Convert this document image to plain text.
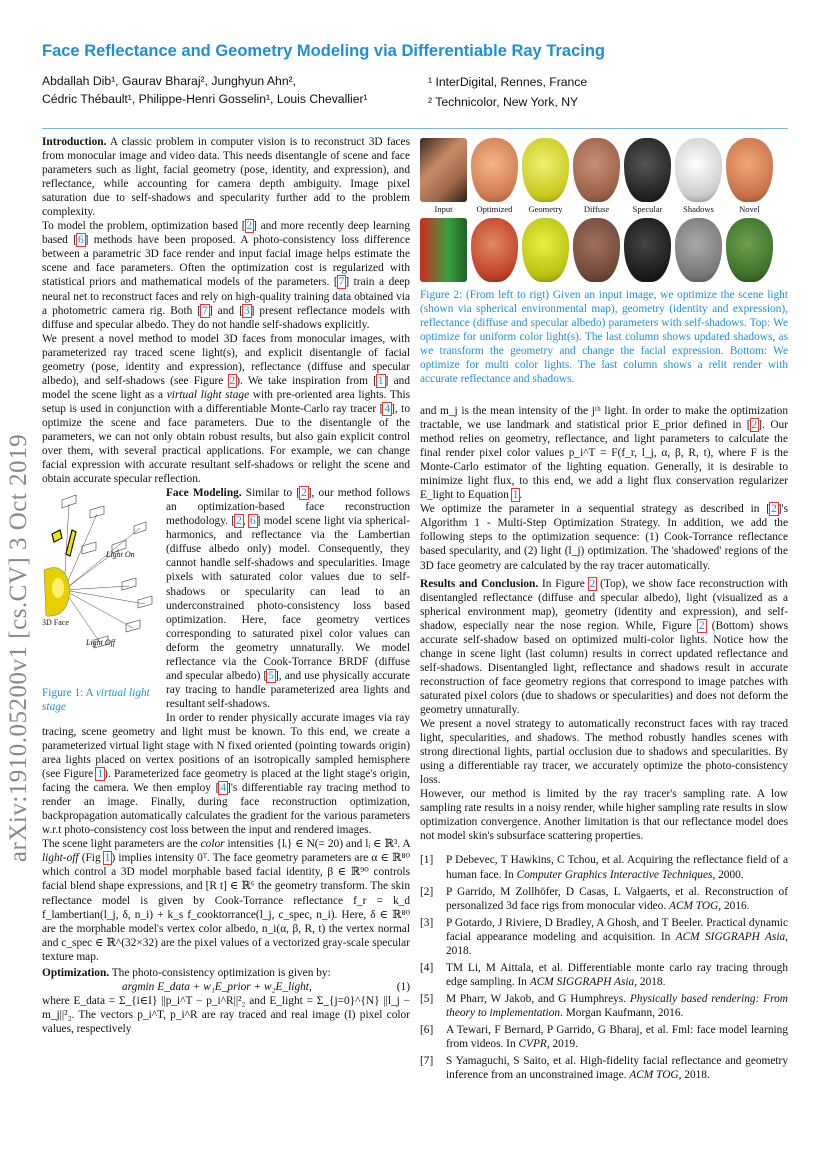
Face Reflectance and Geometry Modeling via Differentiable Ray Tracing
Abdallah Dib¹, Gaurav Bharaj², Junghyun Ahn²,
Cédric Thébault¹, Philippe-Henri Gosselin¹, Louis Chevallier¹
¹ InterDigital, Rennes, France
² Technicolor, New York, NY
arXiv:1910.05200v1 [cs.CV] 3 Oct 2019

Introduction. A classic problem in computer vision is to reconstruct 3D faces from monocular image and video data. This needs disentangle of scene and face parameters such as light, facial geometry (pose, identity, and expression), and reflectance, while accounting for camera depth ambiguity. Image pixel saturation due to self-shadows and specularity further add to the problem complexity.

To model the problem, optimization based [2] and more recently deep learning based [6] methods have been proposed. A photo-consistency loss difference between a parametric 3D face render and input facial image helps estimate the scene and face parameters. Often the optimization cost is regularized with statistical priors and mathematical models of the parameters. [7] train a deep neural net to reconstruct faces and rely on high-quality training data obtained via a photometric camera rig. Both [7] and [3] present reflectance models with diffuse and specular albedo. They do not handle self-shadows explicitly.

We present a novel method to model 3D faces from monocular images, with parameterized ray traced scene light(s), and explicit disentangle of facial geometry (pose, identity and expression), reflectance (diffuse and specular albedo), and self-shadows (see Figure 2). We take inspiration from [1] and model the scene light as a virtual light stage with pre-oriented area lights. This setup is used in conjunction with a differentiable Monte-Carlo ray tracer [4], to optimize the scene and face parameters. Due to the disentangle of the parameters, we can not only obtain robust results, but also gain explicit control over them, with several practical applications. For example, we can change facial expression with accurate resultant self-shadows or relight the scene and obtain accurate specular reflection.

Light On
3D Face
Light Off
Figure 1: A virtual light stage

Face Modeling. Similar to [2], our method follows an optimization-based face reconstruction methodology. [2, 6] model scene light via spherical-harmonics, and reflectance via the Lambertian (diffuse albedo only) model. Consequently, they cannot handle self-shadows and specularities. Image pixels with saturated color values due to self-shadows or specularity can lead to an underconstrained photo-consistency loss based optimization. Here, face geometry vertices corresponding to saturated pixel color values can deform the geometry unnaturally. We model reflectance via the Cook-Torrance BRDF (diffuse and specular albedo) [5], and use physically accurate ray tracing to handle parameterized area lights and resultant self-shadows.

In order to render physically accurate images via ray tracing, scene geometry and light must be known. To this end, we create a parameterized virtual light stage with N fixed oriented (pointing towards origin) area lights placed on vertex positions of an isotropically sampled hemisphere (see Figure 1). Parameterized face geometry is placed at the light stage's origin, facing the camera. We then employ [4]'s differentiable ray tracing method to render an image. Finally, during face reconstruction optimization, backpropagation automatically calculates the gradient for the various parameters w.r.t photo-consistency cost loss between the input and rendered images.

The scene light parameters are the color intensities {lᵢ} ∈ N(= 20) and lᵢ ∈ ℝ³. A light-off (Fig 1) implies intensity 0ᵀ. The face geometry parameters are α ∈ ℝ⁸⁰ which control a 3D model morphable based facial identity, β ∈ ℝ⁹⁰ controls facial blend shape expressions, and [R t] ∈ ℝ⁶ the geometry transform. The skin reflectance model is given by Cook-Torrance reflectance f_r = k_d f_lambertian(l_j, δ, n_i) + k_s f_cooktorrance(l_j, c_spec, n_i). Here, δ ∈ ℝ⁸⁰ are the morphable model's vertex color albedo, n_i(α, β, R, t) the vertex normal and c_spec ∈ ℝ^(32×32) are the pixel values of a vectorized gray-scale specular texture map.

Optimization. The photo-consistency optimization is given by:

argmin E_data + w₁E_prior + w₂E_light,	(1)

where E_data = Σ_{i∈I} ||p_i^T − p_i^R||²₂ and E_light = Σ_{j=0}^{N} ||l_j − m_j||²₂. The vectors p_i^T, p_i^R are ray traced and real image (I) pixel color values, respectively

Input	Optimized	Geometry	Diffuse	Specular	Shadows	Novel
Figure 2: (From left to rigt) Given an input image, we optimize the scene light (shown via spherical environmental map), geometry (identity and expression), reflectance (diffuse and specular albedo) parameters with self-shadows. Top: We optimize for uniform color light(s). The last column shows updated shadows, as we transform the geometry and change the facial expression. Bottom: We optimize for multi color lights. The last column shows a relit render with accurate reflectance and shadows.

and m_j is the mean intensity of the jᵗʰ light. In order to make the optimization tractable, we use landmark and statistical prior E_prior defined in [2]. Our method relies on geometry, reflectance, and light parameters to calculate the final render pixel color values p_i^T = F(f_r, l_j, α, β, R, t), where F is the Monte-Carlo estimator of the lighting equation. Generally, it is desirable to minimize light flux, to this end, we add a light flux conservation regularizer E_light to Equation 1.

We optimize the parameter in a sequential strategy as described in [2]'s Algorithm 1 - Multi-Step Optimization Strategy. In addition, we add the following steps to the optimization sequence: (1) Cook-Torrance reflectance based specularity, and (2) light (l_j) optimization. The 'shadowed' regions of the 3D face geometry are calculated by the ray tracer automatically.

Results and Conclusion. In Figure 2 (Top), we show face reconstruction with disentangled reflectance (diffuse and specular albedo), light (visualized as a spherical environment map), geometry (identity and expression), and self-shadow, especially near the nose region. While, Figure 2 (Bottom) shows accurate self-shadow based on optimized multi-color lights. Notice how the change in scene light (last column) results in correct updated reflectance and self-shadows. Disentangled light, reflectance and shadows result in accurate reconstruction of face geometry regions that correspond to image patches with saturated pixel colors (due to shadows or specularities) and does not deform the geometry unnaturally.

We present a novel strategy to automatically reconstruct faces with ray traced light, specularities, and shadows. The method robustly handles scenes with strong directional lights, partial occlusion due to shadows and specularities. By using a differentiable ray tracer, we accurately optimize the photo-consistency loss.

However, our method is limited by the ray tracer's sampling rate. A low sampling rate results in a noisy render, while higher sampling rate results in slow optimization convergence. Another limitation is that our reflectance model does not model skin's subsurface scattering properties.

[1]	P Debevec, T Hawkins, C Tchou, et al. Acquiring the reflectance field of a human face. In Computer Graphics Interactive Techniques, 2000.
[2]	P Garrido, M Zollhöfer, D Casas, L Valgaerts, et al. Reconstruction of personalized 3d face rigs from monocular video. ACM TOG, 2016.
[3]	P Gotardo, J Riviere, D Bradley, A Ghosh, and T Beeler. Practical dynamic facial appearance modeling and acquisition. In ACM SIGGRAPH Asia, 2018.
[4]	TM Li, M Aittala, et al. Differentiable monte carlo ray tracing through edge sampling. In ACM SIGGRAPH Asia, 2018.
[5]	M Pharr, W Jakob, and G Humphreys. Physically based rendering: From theory to implementation. Morgan Kaufmann, 2016.
[6]	A Tewari, F Bernard, P Garrido, G Bharaj, et al. Fml: face model learning from videos. In CVPR, 2019.
[7]	S Yamaguchi, S Saito, et al. High-fidelity facial reflectance and geometry inference from an unconstrained image. ACM TOG, 2018.
